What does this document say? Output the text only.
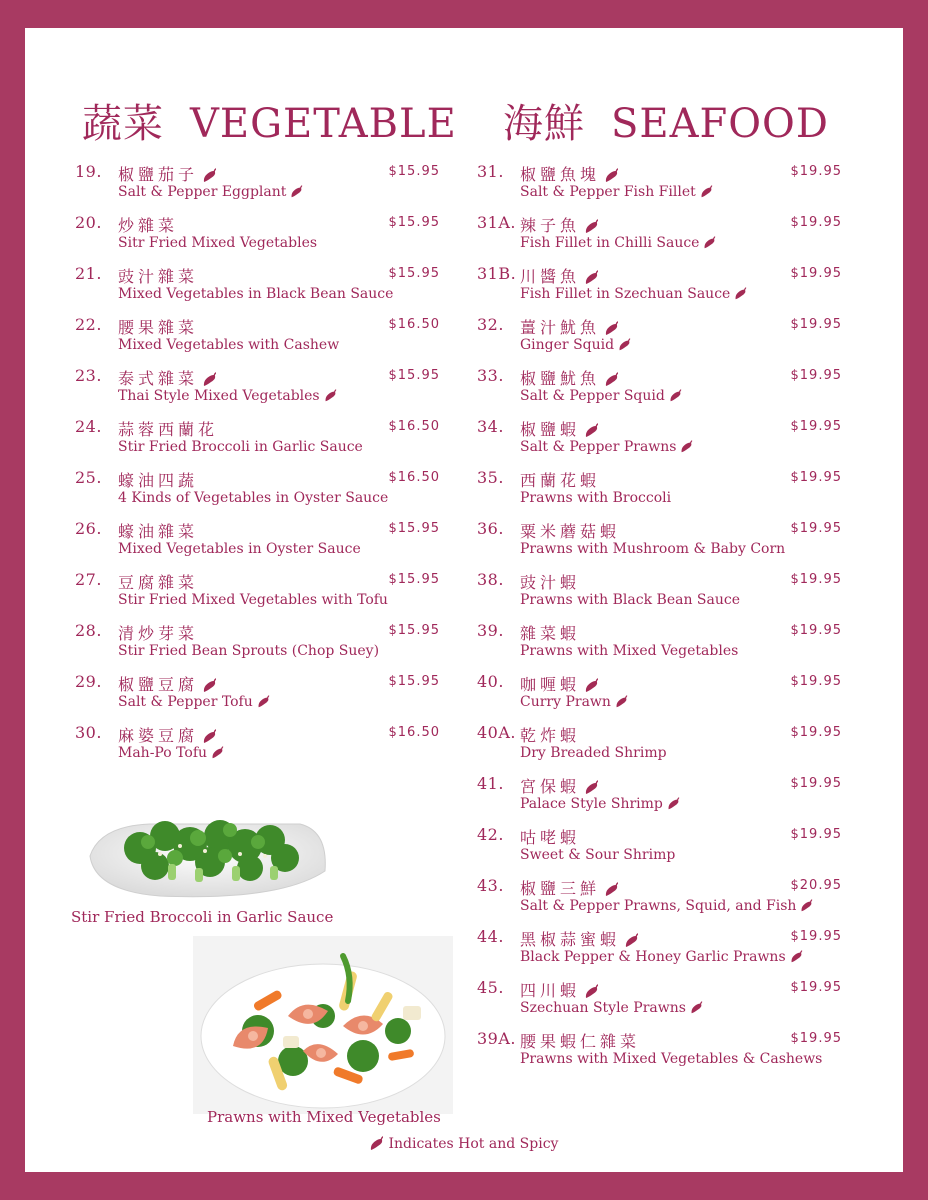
蔬菜 VEGETABLE 海鮮 SEAFOOD
19.	椒鹽茄子	$15.95
Salt & Pepper Eggplant
20.	炒雜菜	$15.95
Sitr Fried Mixed Vegetables
21.	豉汁雜菜	$15.95
Mixed Vegetables in Black Bean Sauce
22.	腰果雜菜	$16.50
Mixed Vegetables with Cashew
23.	泰式雜菜	$15.95
Thai Style Mixed Vegetables
24.	蒜蓉西蘭花	$16.50
Stir Fried Broccoli in Garlic Sauce
25.	蠔油四蔬	$16.50
4 Kinds of Vegetables in Oyster Sauce
26.	蠔油雜菜	$15.95
Mixed Vegetables in Oyster Sauce
27.	豆腐雜菜	$15.95
Stir Fried Mixed Vegetables with Tofu
28.	清炒芽菜	$15.95
Stir Fried Bean Sprouts (Chop Suey)
29.	椒鹽豆腐	$15.95
Salt & Pepper Tofu
30.	麻婆豆腐	$16.50
Mah-Po Tofu
31.	椒鹽魚塊	$19.95
Salt & Pepper Fish Fillet
31A. 辣子魚	$19.95
Fish Fillet in Chilli Sauce
31B. 川醬魚	$19.95
Fish Fillet in Szechuan Sauce
32.	薑汁魷魚	$19.95
Ginger Squid
33.	椒鹽魷魚	$19.95
Salt & Pepper Squid
34.	椒鹽蝦	$19.95
Salt & Pepper Prawns
35.	西蘭花蝦	$19.95
Prawns with Broccoli
36.	粟米蘑菇蝦	$19.95
Prawns with Mushroom & Baby Corn
38.	豉汁蝦	$19.95
Prawns with Black Bean Sauce
39.	雜菜蝦	$19.95
Prawns with Mixed Vegetables
40.	咖喱蝦	$19.95
Curry Prawn
40A. 乾炸蝦	$19.95
Dry Breaded Shrimp
41.	宮保蝦	$19.95
Palace Style Shrimp
42.	咕咾蝦	$19.95
Sweet & Sour Shrimp
43.	椒鹽三鮮	$20.95
Salt & Pepper Prawns, Squid, and Fish
44.	黑椒蒜蜜蝦	$19.95
Black Pepper & Honey Garlic Prawns
45.	四川蝦	$19.95
Szechuan Style Prawns
39A. 腰果蝦仁雜菜	$19.95
Prawns with Mixed Vegetables & Cashews
Stir Fried Broccoli in Garlic Sauce
Prawns with Mixed Vegetables
Indicates Hot and Spicy
